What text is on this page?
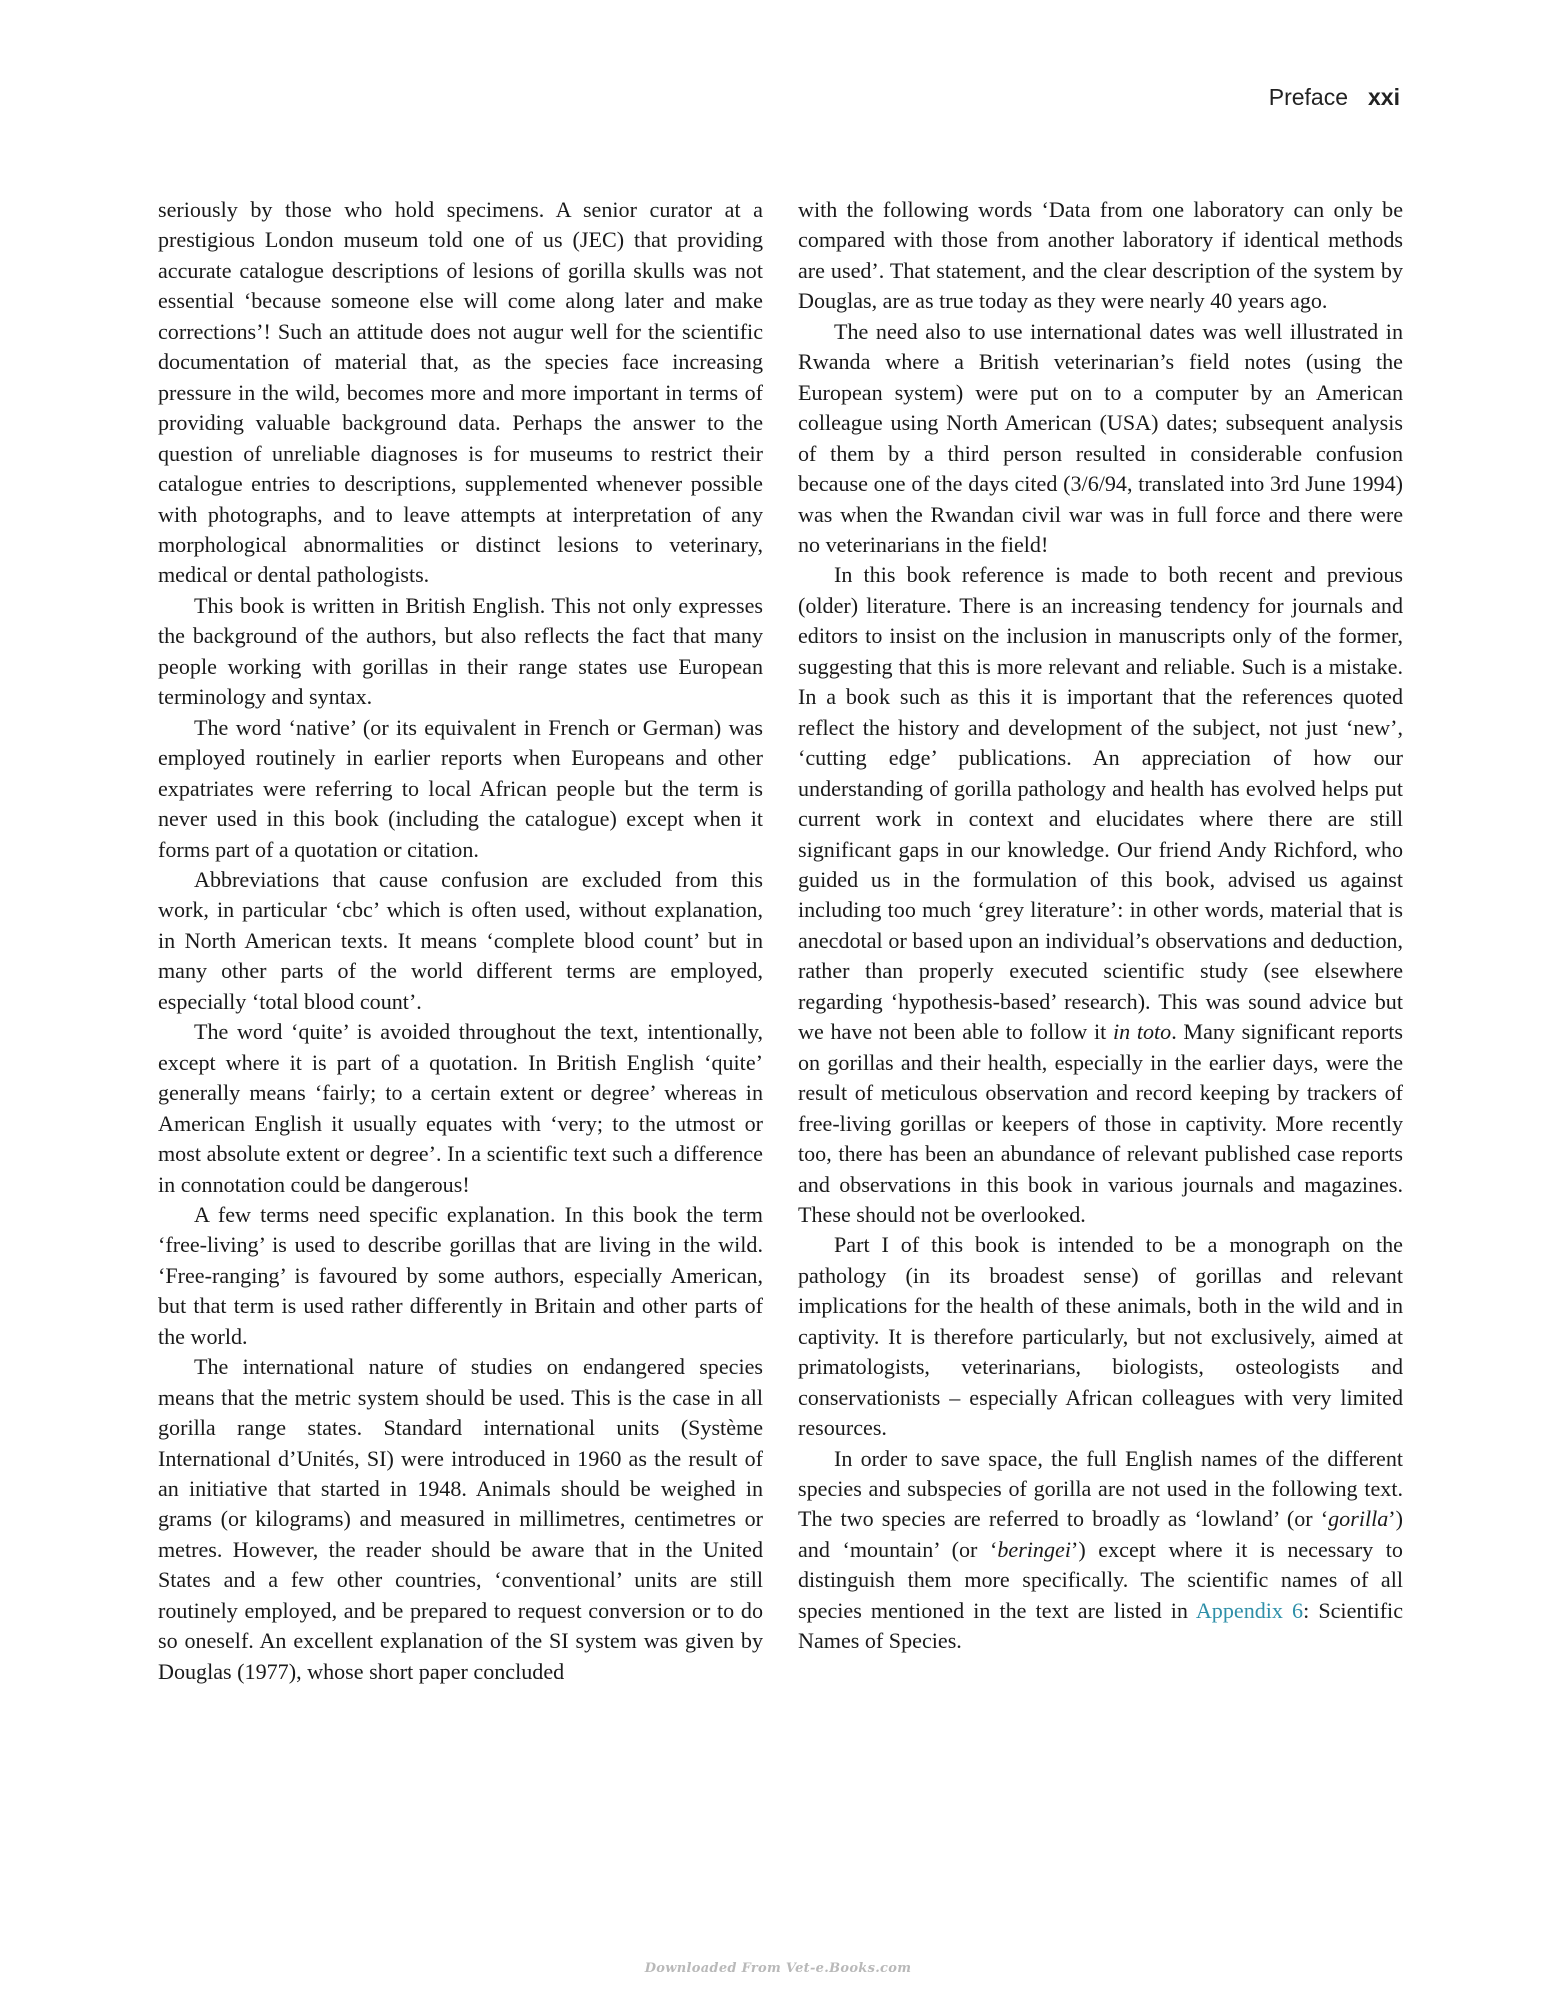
Preface xxi

seriously by those who hold specimens. A senior curator at a prestigious London museum told one of us (JEC) that providing accurate catalogue descriptions of lesions of gorilla skulls was not essential ‘because someone else will come along later and make corrections’! Such an attitude does not augur well for the scientific documentation of material that, as the species face increasing pressure in the wild, becomes more and more important in terms of providing valuable background data. Perhaps the answer to the question of unreliable diagnoses is for museums to restrict their catalogue entries to descriptions, supplemented whenever possible with photographs, and to leave attempts at interpretation of any morphological abnormalities or distinct lesions to veterinary, medical or dental pathologists.

This book is written in British English. This not only expresses the background of the authors, but also reflects the fact that many people working with gorillas in their range states use European terminology and syntax.

The word ‘native’ (or its equivalent in French or German) was employed routinely in earlier reports when Europeans and other expatriates were referring to local African people but the term is never used in this book (including the catalogue) except when it forms part of a quotation or citation.

Abbreviations that cause confusion are excluded from this work, in particular ‘cbc’ which is often used, without explanation, in North American texts. It means ‘complete blood count’ but in many other parts of the world different terms are employed, especially ‘total blood count’.

The word ‘quite’ is avoided throughout the text, intentionally, except where it is part of a quotation. In British English ‘quite’ generally means ‘fairly; to a certain extent or degree’ whereas in American English it usually equates with ‘very; to the utmost or most absolute extent or degree’. In a scientific text such a difference in connotation could be dangerous!

A few terms need specific explanation. In this book the term ‘free-living’ is used to describe gorillas that are living in the wild. ‘Free-ranging’ is favoured by some authors, especially American, but that term is used rather differently in Britain and other parts of the world.

The international nature of studies on endangered species means that the metric system should be used. This is the case in all gorilla range states. Standard international units (Système International d’Unités, SI) were introduced in 1960 as the result of an initiative that started in 1948. Animals should be weighed in grams (or kilograms) and measured in millimetres, centimetres or metres. However, the reader should be aware that in the United States and a few other countries, ‘conventional’ units are still routinely employed, and be prepared to request conversion or to do so oneself. An excellent explanation of the SI system was given by Douglas (1977), whose short paper concluded

with the following words ‘Data from one laboratory can only be compared with those from another laboratory if identical methods are used’. That statement, and the clear description of the system by Douglas, are as true today as they were nearly 40 years ago.

The need also to use international dates was well illustrated in Rwanda where a British veterinarian’s field notes (using the European system) were put on to a computer by an American colleague using North American (USA) dates; subsequent analysis of them by a third person resulted in considerable confusion because one of the days cited (3/6/94, translated into 3rd June 1994) was when the Rwandan civil war was in full force and there were no veterinarians in the field!

In this book reference is made to both recent and previous (older) literature. There is an increasing tendency for journals and editors to insist on the inclusion in manuscripts only of the former, suggesting that this is more relevant and reliable. Such is a mistake. In a book such as this it is important that the references quoted reflect the history and development of the subject, not just ‘new’, ‘cutting edge’ publications. An appreciation of how our understanding of gorilla pathology and health has evolved helps put current work in context and elucidates where there are still significant gaps in our knowledge. Our friend Andy Richford, who guided us in the formulation of this book, advised us against including too much ‘grey literature’: in other words, material that is anecdotal or based upon an individual’s observations and deduction, rather than properly executed scientific study (see elsewhere regarding ‘hypothesis-based’ research). This was sound advice but we have not been able to follow it in toto. Many significant reports on gorillas and their health, especially in the earlier days, were the result of meticulous observation and record keeping by trackers of free-living gorillas or keepers of those in captivity. More recently too, there has been an abundance of relevant published case reports and observations in this book in various journals and magazines. These should not be overlooked.

Part I of this book is intended to be a monograph on the pathology (in its broadest sense) of gorillas and relevant implications for the health of these animals, both in the wild and in captivity. It is therefore particularly, but not exclusively, aimed at primatologists, veterinarians, biologists, osteologists and conservationists – especially African colleagues with very limited resources.

In order to save space, the full English names of the different species and subspecies of gorilla are not used in the following text. The two species are referred to broadly as ‘lowland’ (or ‘gorilla’) and ‘mountain’ (or ‘beringei’) except where it is necessary to distinguish them more specifically. The scientific names of all species mentioned in the text are listed in Appendix 6: Scientific Names of Species.

Downloaded From Vet-e.Books.com
